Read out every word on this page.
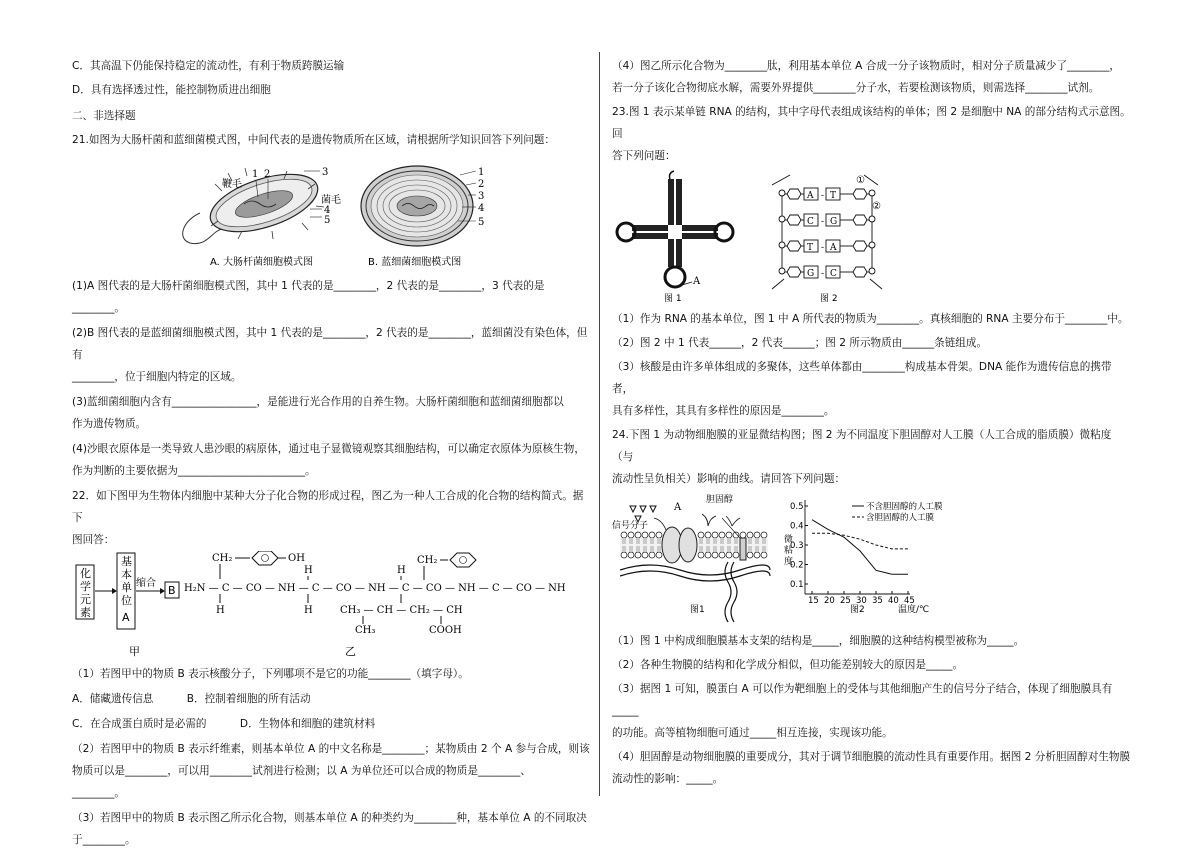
C．其高温下仍能保持稳定的流动性，有利于物质跨膜运输

D．具有选择透过性，能控制物质进出细胞

二、非选择题

21.如图为大肠杆菌和蓝细菌模式图，中间代表的是遗传物质所在区域，请根据所学知识回答下列问题：

鞭毛
菌毛
1 2	3
4
5
A. 大肠杆菌细胞模式图
1
2
3
4
5
B. 蓝细菌细胞模式图

(1)A 图代表的是大肠杆菌细胞模式图，其中 1 代表的是________，2 代表的是________，3 代表的是________。

(2)B 图代表的是蓝细菌细胞模式图，其中 1 代表的是________，2 代表的是________，蓝细菌没有染色体，但有

________，位于细胞内特定的区域。

(3)蓝细菌细胞内含有________________，是能进行光合作用的自养生物。大肠杆菌细胞和蓝细菌细胞都以

作为遗传物质。

(4)沙眼衣原体是一类导致人患沙眼的病原体，通过电子显微镜观察其细胞结构，可以确定衣原体为原核生物，

作为判断的主要依据为________________________。

22．如下图甲为生物体内细胞中某种大分子化合物的形成过程，图乙为一种人工合成的化合物的结构简式。据下

图回答：

化
学
元
素
基
本
单
位
A
缩合
B
甲
CH₂	OH
H₂N — C — CO — NH — C — CO — NH — C — CO — NH — C — CO — NH
H
H
H
H
CH₂
CH₃ — CH — CH₂ — CH
CH₃	COOH
乙

（1）若图甲中的物质 B 表示核酸分子，下列哪项不是它的功能________（填字母）。

A．储藏遗传信息	B．控制着细胞的所有活动
C．在合成蛋白质时是必需的	D．生物体和细胞的建筑材料

（2）若图甲中的物质 B 表示纤维素，则基本单位 A 的中文名称是________；某物质由 2 个 A 参与合成，则该

物质可以是________，可以用________试剂进行检测；以 A 为单位还可以合成的物质是________、

________。

（3）若图甲中的物质 B 表示图乙所示化合物，则基本单位 A 的种类约为________种，基本单位 A 的不同取决

于________。

（4）图乙所示化合物为________肽，利用基本单位 A 合成一分子该物质时，相对分子质量减少了________，

若一分子该化合物彻底水解，需要外界提供________分子水，若要检测该物质，则需选择________试剂。

23.图 1 表示某单链 RNA 的结构，其中字母代表组成该结构的单体；图 2 是细胞中 NA 的部分结构式示意图。回

答下列问题：

A
图 1
A - T
C - G
T - A
G - C
①
②
图 2

（1）作为 RNA 的基本单位，图 1 中 A 所代表的物质为________。真核细胞的 RNA 主要分布于________中。

（2）图 2 中 1 代表______，2 代表______；图 2 所示物质由______条链组成。

（3）核酸是由许多单体组成的多聚体，这些单体都由________构成基本骨架。DNA 能作为遗传信息的携带者，

具有多样性，其具有多样性的原因是________。

24.下图 1 为动物细胞膜的亚显微结构图；图 2 为不同温度下胆固醇对人工膜（人工合成的脂质膜）微粘度（与

流动性呈负相关）影响的曲线。请回答下列问题：

信号分子
A
胆固醇
图1
微
粘
度
微粘度
温度/℃
0.1
0.2
0.3
0.4
0.5
15 20 25 30 35 40 45
不含胆固醇的人工膜
含胆固醇的人工膜
图2

（1）图 1 中构成细胞膜基本支架的结构是_____，细胞膜的这种结构模型被称为_____。

（2）各种生物膜的结构和化学成分相似，但功能差别较大的原因是_____。

（3）据图 1 可知，膜蛋白 A 可以作为靶细胞上的受体与其他细胞产生的信号分子结合，体现了细胞膜具有_____

的功能。高等植物细胞可通过_____相互连接，实现该功能。

（4）胆固醇是动物细胞膜的重要成分，其对于调节细胞膜的流动性具有重要作用。据图 2 分析胆固醇对生物膜

流动性的影响：_____。
